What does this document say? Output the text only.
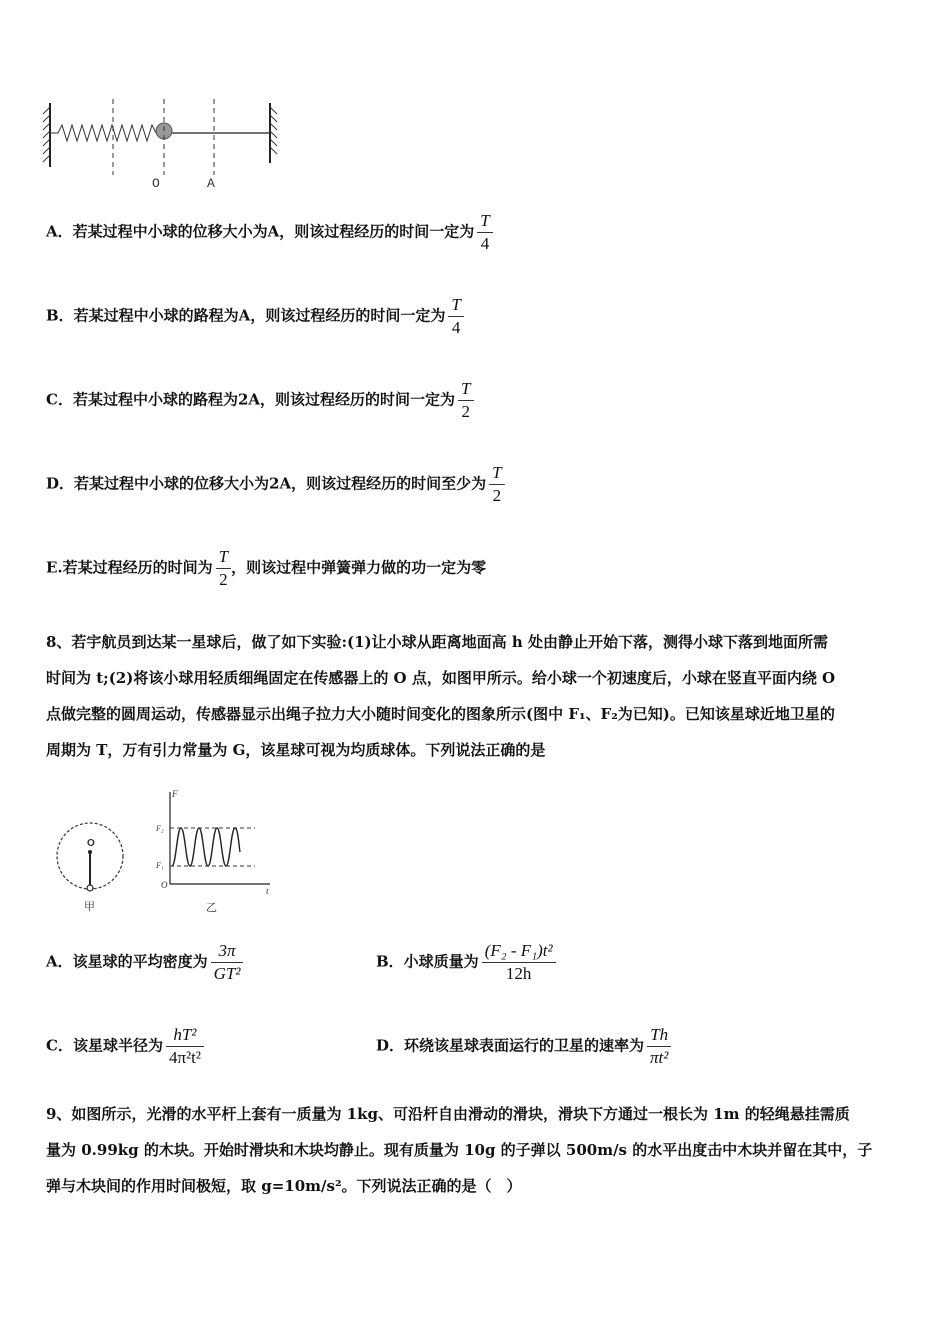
O	A
A．若某过程中小球的位移大小为A，则该过程经历的时间一定为 $\frac{T}{4}$
B．若某过程中小球的路程为A，则该过程经历的时间一定为 $\frac{T}{4}$
C．若某过程中小球的路程为2A，则该过程经历的时间一定为 $\frac{T}{2}$
D．若某过程中小球的位移大小为2A，则该过程经历的时间至少为 $\frac{T}{2}$
E.若某过程经历的时间为 $\frac{T}{2}$ ，则该过程中弹簧弹力做的功一定为零

8、若宇航员到达某一星球后，做了如下实验:(1)让小球从距离地面高 h 处由静止开始下落，测得小球下落到地面所需

时间为 t;(2)将该小球用轻质细绳固定在传感器上的 O 点，如图甲所示。给小球一个初速度后，小球在竖直平面内绕 O

点做完整的圆周运动，传感器显示出绳子拉力大小随时间变化的图象所示(图中 F₁、F₂为已知)。已知该星球近地卫星的

周期为 T，万有引力常量为 G，该星球可视为均质球体。下列说法正确的是

O
甲
F
t
O
F₂
F₁
乙
A．该星球的平均密度为 $\frac{3\pi}{\text{GT²}}$	B．小球质量为 $\frac{\text{(F₂ - F₁)t²}}{12h}$
C．该星球半径为 $\frac{\text{hT²}}{\text{4π²t²}}$	D．环绕该星球表面运行的卫星的速率为 $\frac{Th}{\text{πt²}}$

9、如图所示，光滑的水平杆上套有一质量为 1kg、可沿杆自由滑动的滑块，滑块下方通过一根长为 1m 的轻绳悬挂需质

量为 0.99kg 的木块。开始时滑块和木块均静止。现有质量为 10g 的子弹以 500m/s 的水平出度击中木块并留在其中，子

弹与木块间的作用时间极短，取 g=10m/s²。下列说法正确的是（　）
